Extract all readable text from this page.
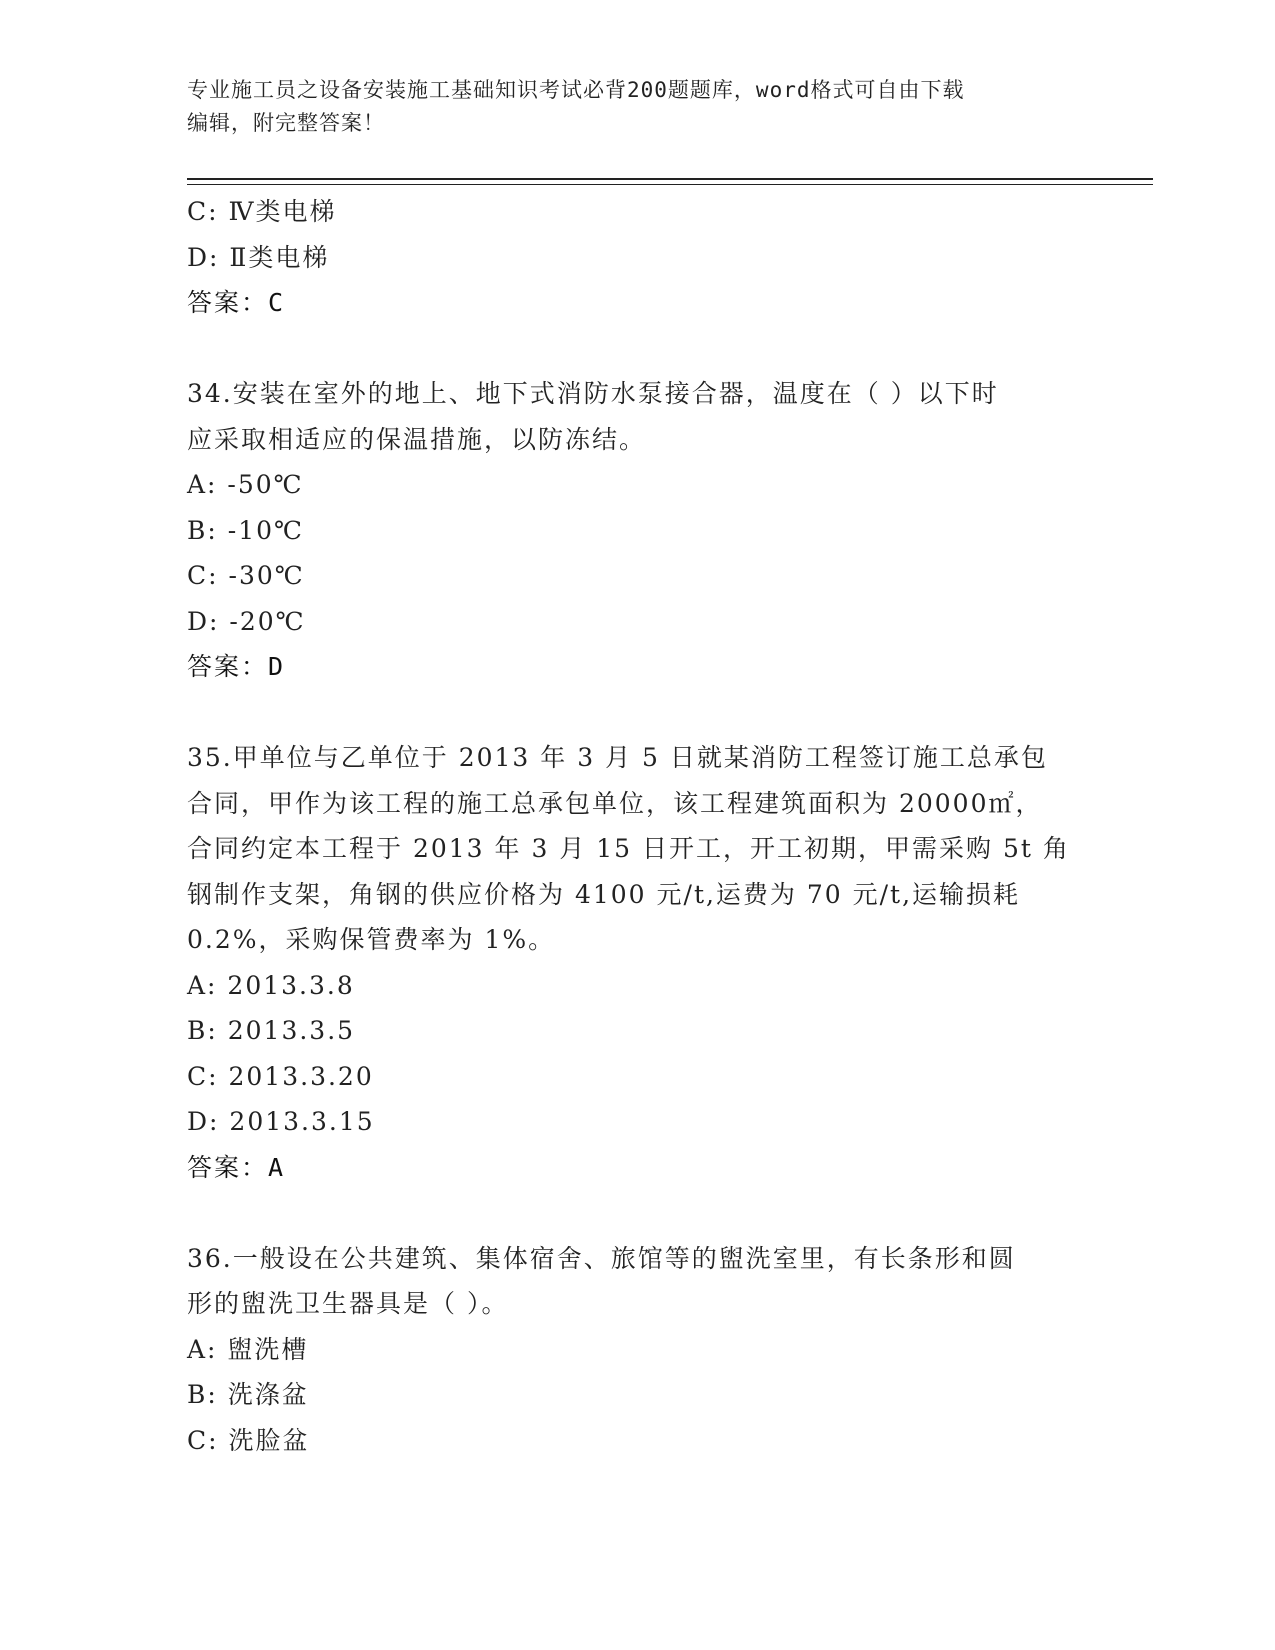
专业施工员之设备安装施工基础知识考试必背200题题库，word格式可自由下载
编辑，附完整答案！
C: Ⅳ类电梯
D: Ⅱ类电梯
答案：C
34.安装在室外的地上、地下式消防水泵接合器，温度在（ ）以下时
应采取相适应的保温措施，以防冻结。
A: -50℃
B: -10℃
C: -30℃
D: -20℃
答案：D
35.甲单位与乙单位于 2013 年 3 月 5 日就某消防工程签订施工总承包
合同，甲作为该工程的施工总承包单位，该工程建筑面积为 20000㎡，
合同约定本工程于 2013 年 3 月 15 日开工，开工初期，甲需采购 5t 角
钢制作支架，角钢的供应价格为 4100 元/t,运费为 70 元/t,运输损耗
0.2%，采购保管费率为 1%。
A: 2013.3.8
B: 2013.3.5
C: 2013.3.20
D: 2013.3.15
答案：A
36.一般设在公共建筑、集体宿舍、旅馆等的盥洗室里，有长条形和圆
形的盥洗卫生器具是（ ）。
A: 盥洗槽
B: 洗涤盆
C: 洗脸盆
